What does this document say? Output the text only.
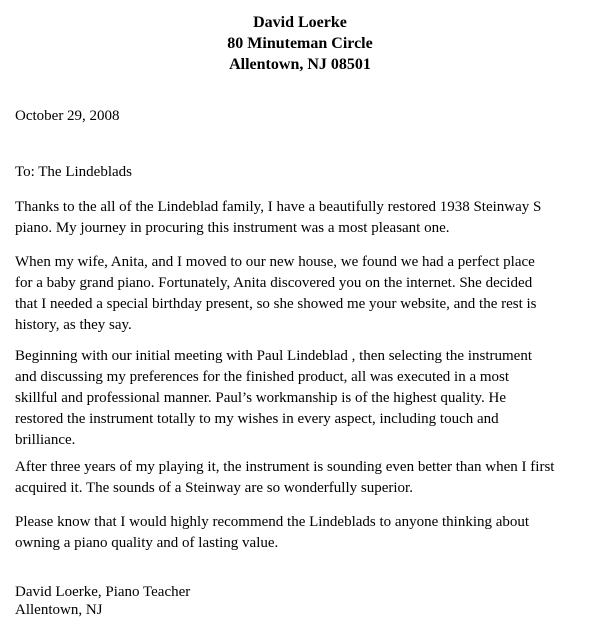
David Loerke
80 Minuteman Circle
Allentown, NJ 08501
October 29, 2008
To: The Lindeblads
Thanks to the all of the Lindeblad family, I have a beautifully restored 1938 Steinway S
piano. My journey in procuring this instrument was a most pleasant one.
When my wife, Anita, and I moved to our new house, we found we had a perfect place
for a baby grand piano. Fortunately, Anita discovered you on the internet. She decided
that I needed a special birthday present, so she showed me your website, and the rest is
history, as they say.
Beginning with our initial meeting with Paul Lindeblad , then selecting the instrument
and discussing my preferences for the finished product, all was executed in a most
skillful and professional manner. Paul’s workmanship is of the highest quality. He
restored the instrument totally to my wishes in every aspect, including touch and
brilliance.
After three years of my playing it, the instrument is sounding even better than when I first
acquired it. The sounds of a Steinway are so wonderfully superior.
Please know that I would highly recommend the Lindeblads to anyone thinking about
owning a piano quality and of lasting value.
David Loerke, Piano Teacher
Allentown, NJ
